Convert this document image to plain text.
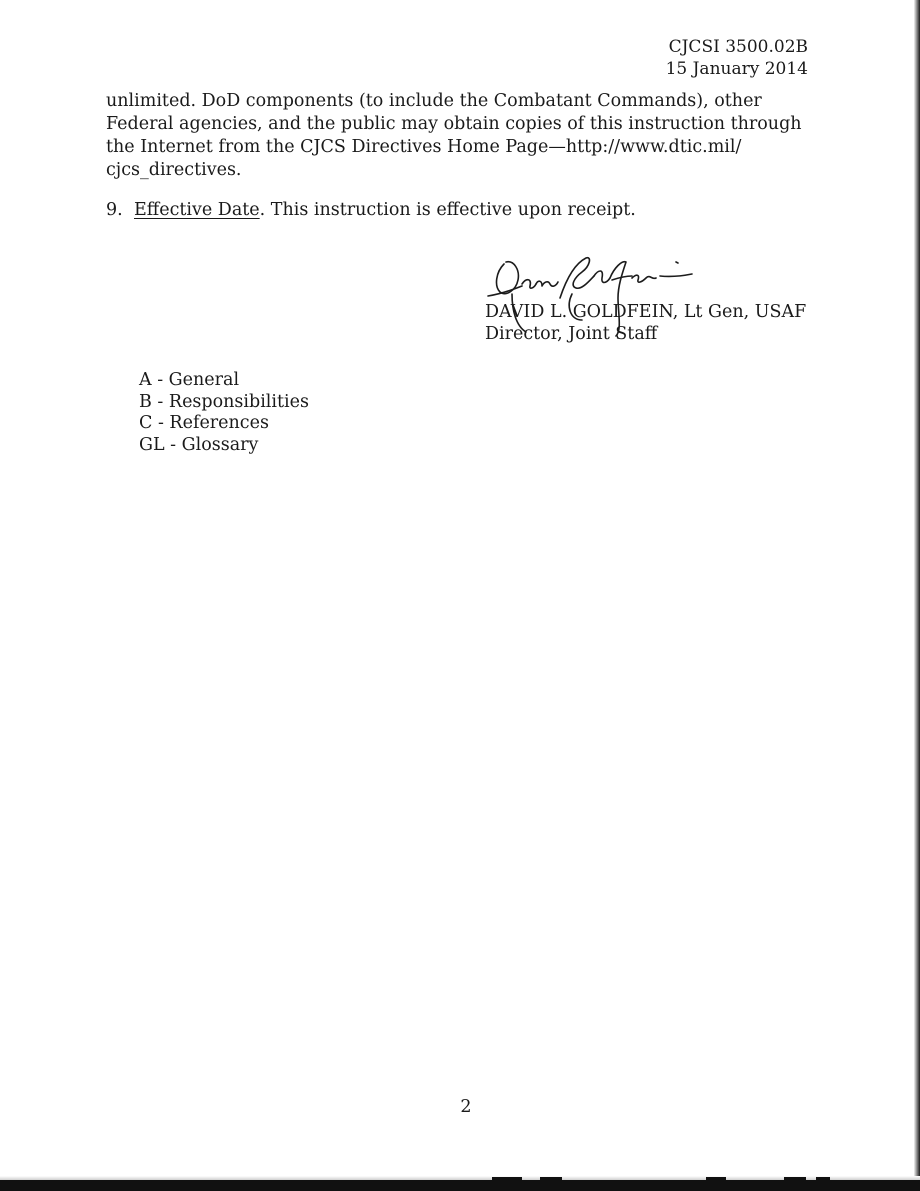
CJCSI 3500.02B
15 January 2014
unlimited. DoD components (to include the Combatant Commands), other Federal agencies, and the public may obtain copies of this instruction through the Internet from the CJCS Directives Home Page—http://www.dtic.mil/ cjcs_directives.
9. Effective Date. This instruction is effective upon receipt.
DAVID L. GOLDFEIN, Lt Gen, USAF
Director, Joint Staff
A - General
B - Responsibilities
C - References
GL - Glossary
2
